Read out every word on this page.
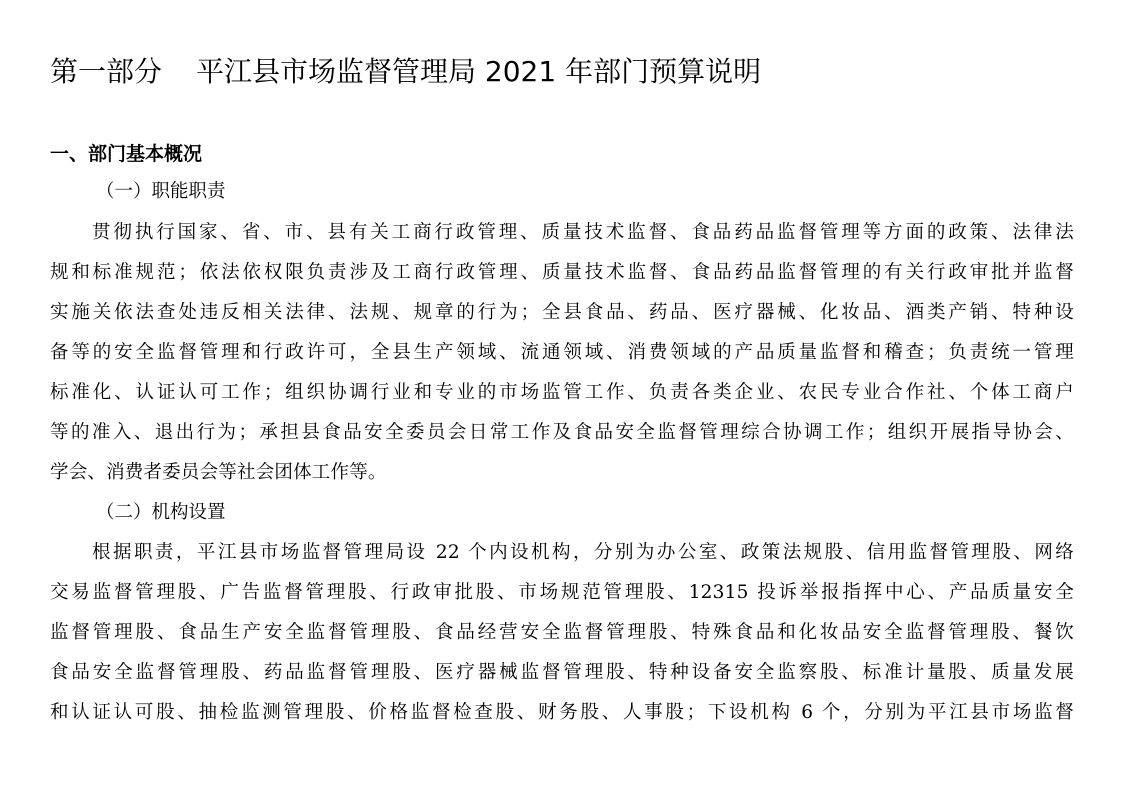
第一部分 平江县市场监督管理局 2021 年部门预算说明
一、部门基本概况
（一）职能职责
贯彻执行国家、省、市、县有关工商行政管理、质量技术监督、食品药品监督管理等方面的政策、法律法
规和标准规范；依法依权限负责涉及工商行政管理、质量技术监督、食品药品监督管理的有关行政审批并监督
实施关依法查处违反相关法律、法规、规章的行为；全县食品、药品、医疗器械、化妆品、酒类产销、特种设
备等的安全监督管理和行政许可，全县生产领域、流通领域、消费领域的产品质量监督和稽查；负责统一管理
标准化、认证认可工作；组织协调行业和专业的市场监管工作、负责各类企业、农民专业合作社、个体工商户
等的准入、退出行为；承担县食品安全委员会日常工作及食品安全监督管理综合协调工作；组织开展指导协会、
学会、消费者委员会等社会团体工作等。
（二）机构设置
根据职责，平江县市场监督管理局设 22 个内设机构，分别为办公室、政策法规股、信用监督管理股、网络
交易监督管理股、广告监督管理股、行政审批股、市场规范管理股、12315 投诉举报指挥中心、产品质量安全
监督管理股、食品生产安全监督管理股、食品经营安全监督管理股、特殊食品和化妆品安全监督管理股、餐饮
食品安全监督管理股、药品监督管理股、医疗器械监督管理股、特种设备安全监察股、标准计量股、质量发展
和认证认可股、抽检监测管理股、价格监督检查股、财务股、人事股；下设机构 6 个，分别为平江县市场监督
